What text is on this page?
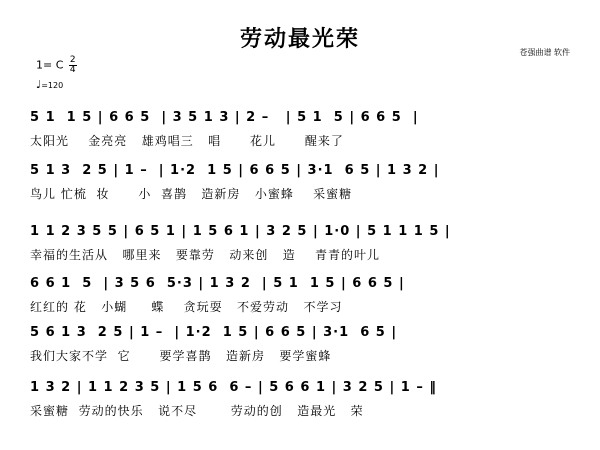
劳动最光荣
苍强曲谱 软件
1= C $\frac{2}{4}$
♩=120
5 1  1 5 | 6 6 5  | 3 5 1 3 | 2 –   | 5 1  5 | 6 6 5  |
太阳光    金亮亮   雄鸡唱三   唱      花儿      醒来了
5 1 3  2 5 | 1 –  | 1·2  1 5 | 6 6 5 | 3·1  6 5 | 1 3 2 |
鸟儿 忙梳  妆      小  喜鹊   造新房   小蜜蜂    采蜜糖
1 1 2 3 5 5 | 6 5 1 | 1 5 6 1 | 3 2 5 | 1·0 | 5 1 1 1 5 |
幸福的生活从   哪里来   要靠劳   动来创   造    青青的叶儿
6 6 1  5  | 3 5 6  5·3 | 1 3 2  | 5 1  1 5 | 6 6 5 |
红红的 花   小蝴     蝶    贪玩耍   不爱劳动   不学习
5 6 1 3  2 5 | 1 –  | 1·2  1 5 | 6 6 5 | 3·1  6 5 |
我们大家不学  它      要学喜鹊   造新房   要学蜜蜂
1 3 2 | 1 1 2 3 5 | 1 5 6  6 – | 5 6 6 1 | 3 2 5 | 1 – ‖
采蜜糖  劳动的快乐   说不尽       劳动的创   造最光   荣
